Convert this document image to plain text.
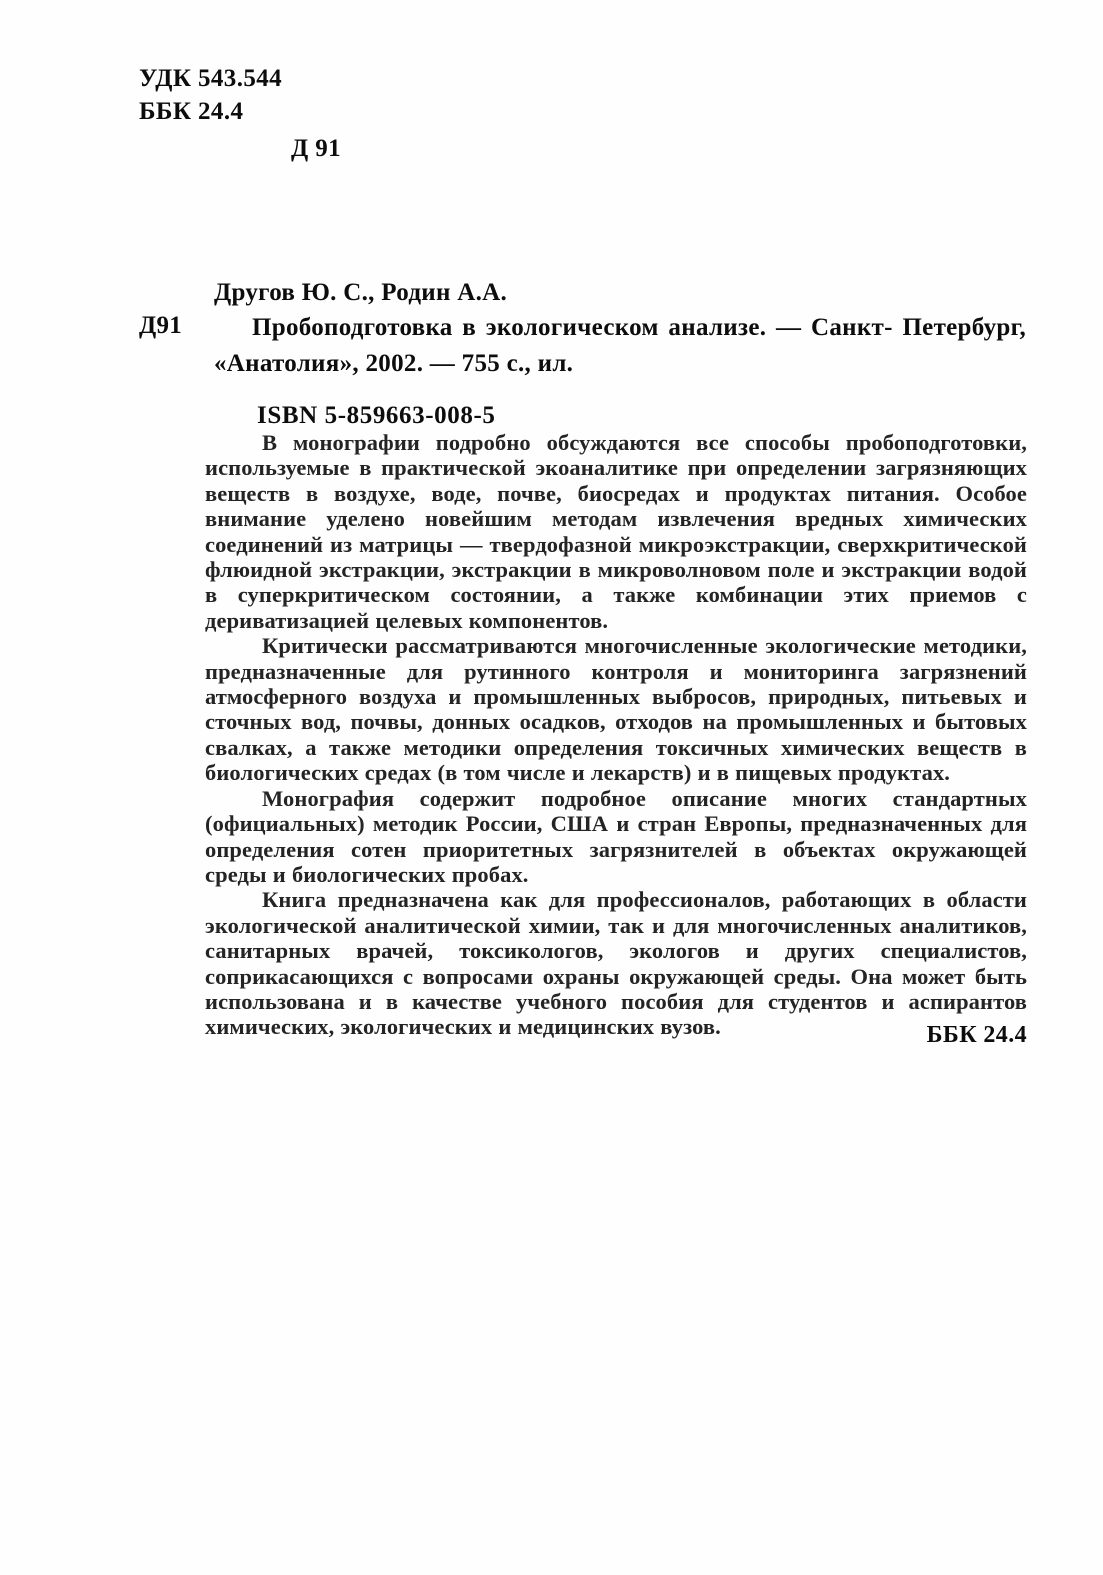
УДК 543.544
ББК 24.4
Д 91
Д91
Другов Ю. С., Родин А.А.
Пробоподготовка в экологическом анализе. — Санкт- Петербург, «Анатолия», 2002. — 755 с., ил.
ISBN 5-859663-008-5

В монографии подробно обсуждаются все способы пробоподготовки, используемые в практической экоаналитике при определении загрязняющих веществ в воздухе, воде, почве, биосредах и продуктах питания. Особое внимание уделено новейшим методам извлечения вредных химических соединений из матрицы — твердофазной микроэкстракции, сверхкритической флюидной экстракции, экстракции в микроволновом поле и экстракции водой в суперкритическом состоянии, а также комбинации этих приемов с дериватизацией целевых компонентов.

Критически рассматриваются многочисленные экологические методики, предназначенные для рутинного контроля и мониторинга загрязнений атмосферного воздуха и промышленных выбросов, природных, питьевых и сточных вод, почвы, донных осадков, отходов на промышленных и бытовых свалках, а также методики определения токсичных химических веществ в биологических средах (в том числе и лекарств) и в пищевых продуктах.

Монография содержит подробное описание многих стандартных (официальных) методик России, США и стран Европы, предназначенных для определения сотен приоритетных загрязнителей в объектах окружающей среды и биологических пробах.

Книга предназначена как для профессионалов, работающих в области экологической аналитической химии, так и для многочисленных аналитиков, санитарных врачей, токсикологов, экологов и других специалистов, соприкасающихся с вопросами охраны окружающей среды. Она может быть использована и в качестве учебного пособия для студентов и аспирантов химических, экологических и медицинских вузов.	ББК 24.4
